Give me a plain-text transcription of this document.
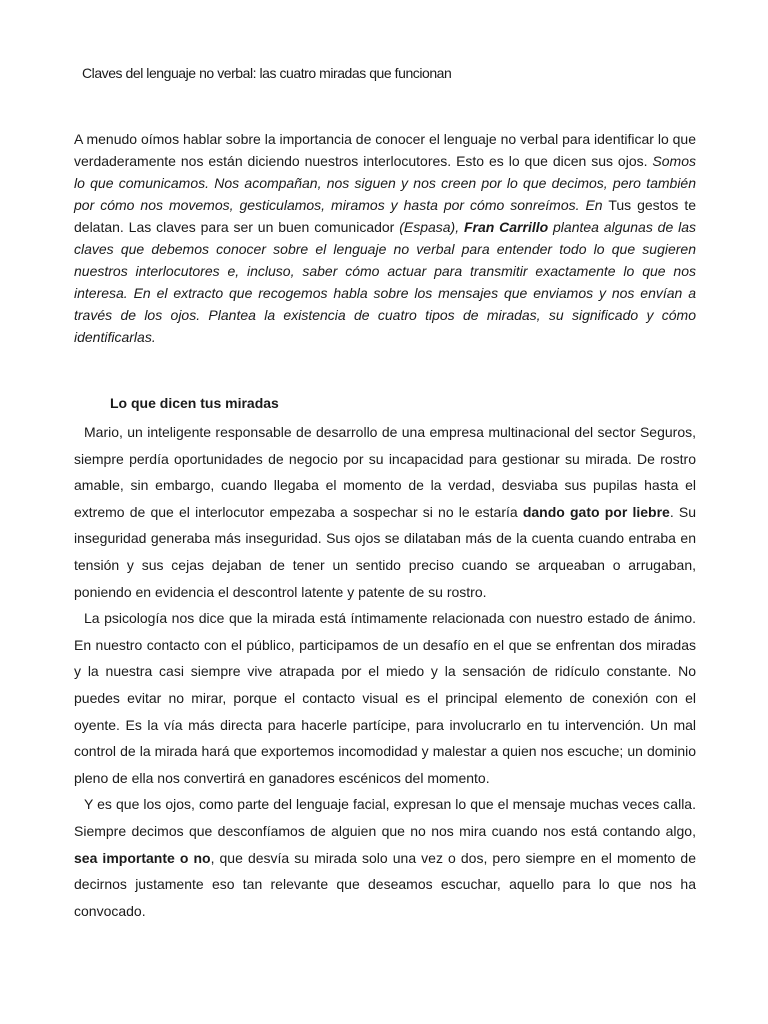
Claves del lenguaje no verbal: las cuatro miradas que funcionan

A menudo oímos hablar sobre la importancia de conocer el lenguaje no verbal para identificar lo que verdaderamente nos están diciendo nuestros interlocutores. Esto es lo que dicen sus ojos. Somos lo que comunicamos. Nos acompañan, nos siguen y nos creen por lo que decimos, pero también por cómo nos movemos, gesticulamos, miramos y hasta por cómo sonreímos. En Tus gestos te delatan. Las claves para ser un buen comunicador (Espasa), Fran Carrillo plantea algunas de las claves que debemos conocer sobre el lenguaje no verbal para entender todo lo que sugieren nuestros interlocutores e, incluso, saber cómo actuar para transmitir exactamente lo que nos interesa. En el extracto que recogemos habla sobre los mensajes que enviamos y nos envían a través de los ojos. Plantea la existencia de cuatro tipos de miradas, su significado y cómo identificarlas.

Lo que dicen tus miradas

Mario, un inteligente responsable de desarrollo de una empresa multinacional del sector Seguros, siempre perdía oportunidades de negocio por su incapacidad para gestionar su mirada. De rostro amable, sin embargo, cuando llegaba el momento de la verdad, desviaba sus pupilas hasta el extremo de que el interlocutor empezaba a sospechar si no le estaría dando gato por liebre. Su inseguridad generaba más inseguridad. Sus ojos se dilataban más de la cuenta cuando entraba en tensión y sus cejas dejaban de tener un sentido preciso cuando se arqueaban o arrugaban, poniendo en evidencia el descontrol latente y patente de su rostro.

La psicología nos dice que la mirada está íntimamente relacionada con nuestro estado de ánimo. En nuestro contacto con el público, participamos de un desafío en el que se enfrentan dos miradas y la nuestra casi siempre vive atrapada por el miedo y la sensación de ridículo constante. No puedes evitar no mirar, porque el contacto visual es el principal elemento de conexión con el oyente. Es la vía más directa para hacerle partícipe, para involucrarlo en tu intervención. Un mal control de la mirada hará que exportemos incomodidad y malestar a quien nos escuche; un dominio pleno de ella nos convertirá en ganadores escénicos del momento.

Y es que los ojos, como parte del lenguaje facial, expresan lo que el mensaje muchas veces calla. Siempre decimos que desconfíamos de alguien que no nos mira cuando nos está contando algo, sea importante o no, que desvía su mirada solo una vez o dos, pero siempre en el momento de decirnos justamente eso tan relevante que deseamos escuchar, aquello para lo que nos ha convocado.
